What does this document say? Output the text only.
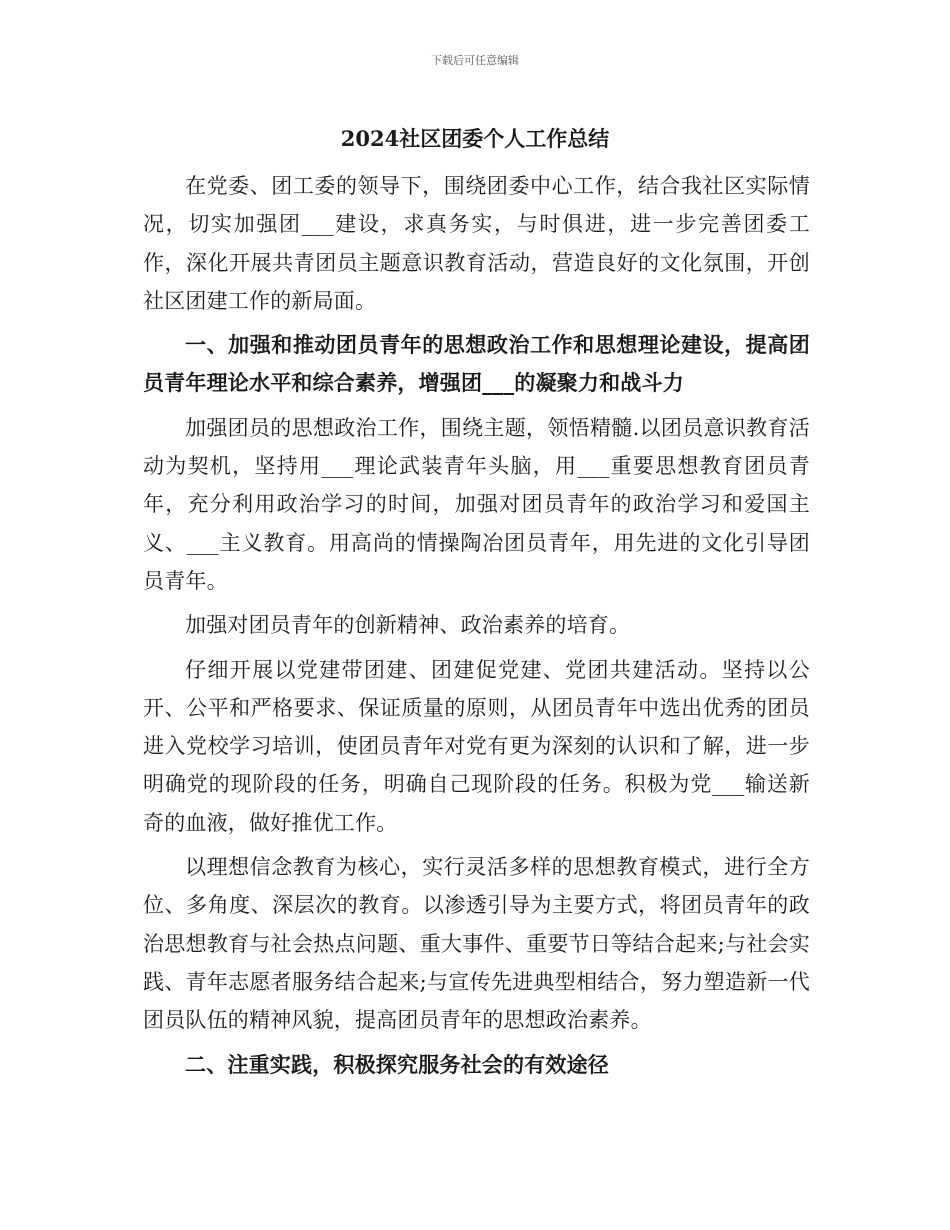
下载后可任意编辑
2024社区团委个人工作总结

在党委、团工委的领导下，围绕团委中心工作，结合我社区实际情况，切实加强团___建设，求真务实，与时俱进，进一步完善团委工作，深化开展共青团员主题意识教育活动，营造良好的文化氛围，开创社区团建工作的新局面。

一、加强和推动团员青年的思想政治工作和思想理论建设，提高团员青年理论水平和综合素养，增强团___的凝聚力和战斗力

加强团员的思想政治工作，围绕主题，领悟精髓.以团员意识教育活动为契机，坚持用___理论武装青年头脑，用___重要思想教育团员青年，充分利用政治学习的时间，加强对团员青年的政治学习和爱国主义、___主义教育。用高尚的情操陶冶团员青年，用先进的文化引导团员青年。

加强对团员青年的创新精神、政治素养的培育。

仔细开展以党建带团建、团建促党建、党团共建活动。坚持以公开、公平和严格要求、保证质量的原则，从团员青年中选出优秀的团员进入党校学习培训，使团员青年对党有更为深刻的认识和了解，进一步明确党的现阶段的任务，明确自己现阶段的任务。积极为党___输送新奇的血液，做好推优工作。

以理想信念教育为核心，实行灵活多样的思想教育模式，进行全方位、多角度、深层次的教育。以渗透引导为主要方式，将团员青年的政治思想教育与社会热点问题、重大事件、重要节日等结合起来;与社会实践、青年志愿者服务结合起来;与宣传先进典型相结合，努力塑造新一代团员队伍的精神风貌，提高团员青年的思想政治素养。

二、注重实践，积极探究服务社会的有效途径
